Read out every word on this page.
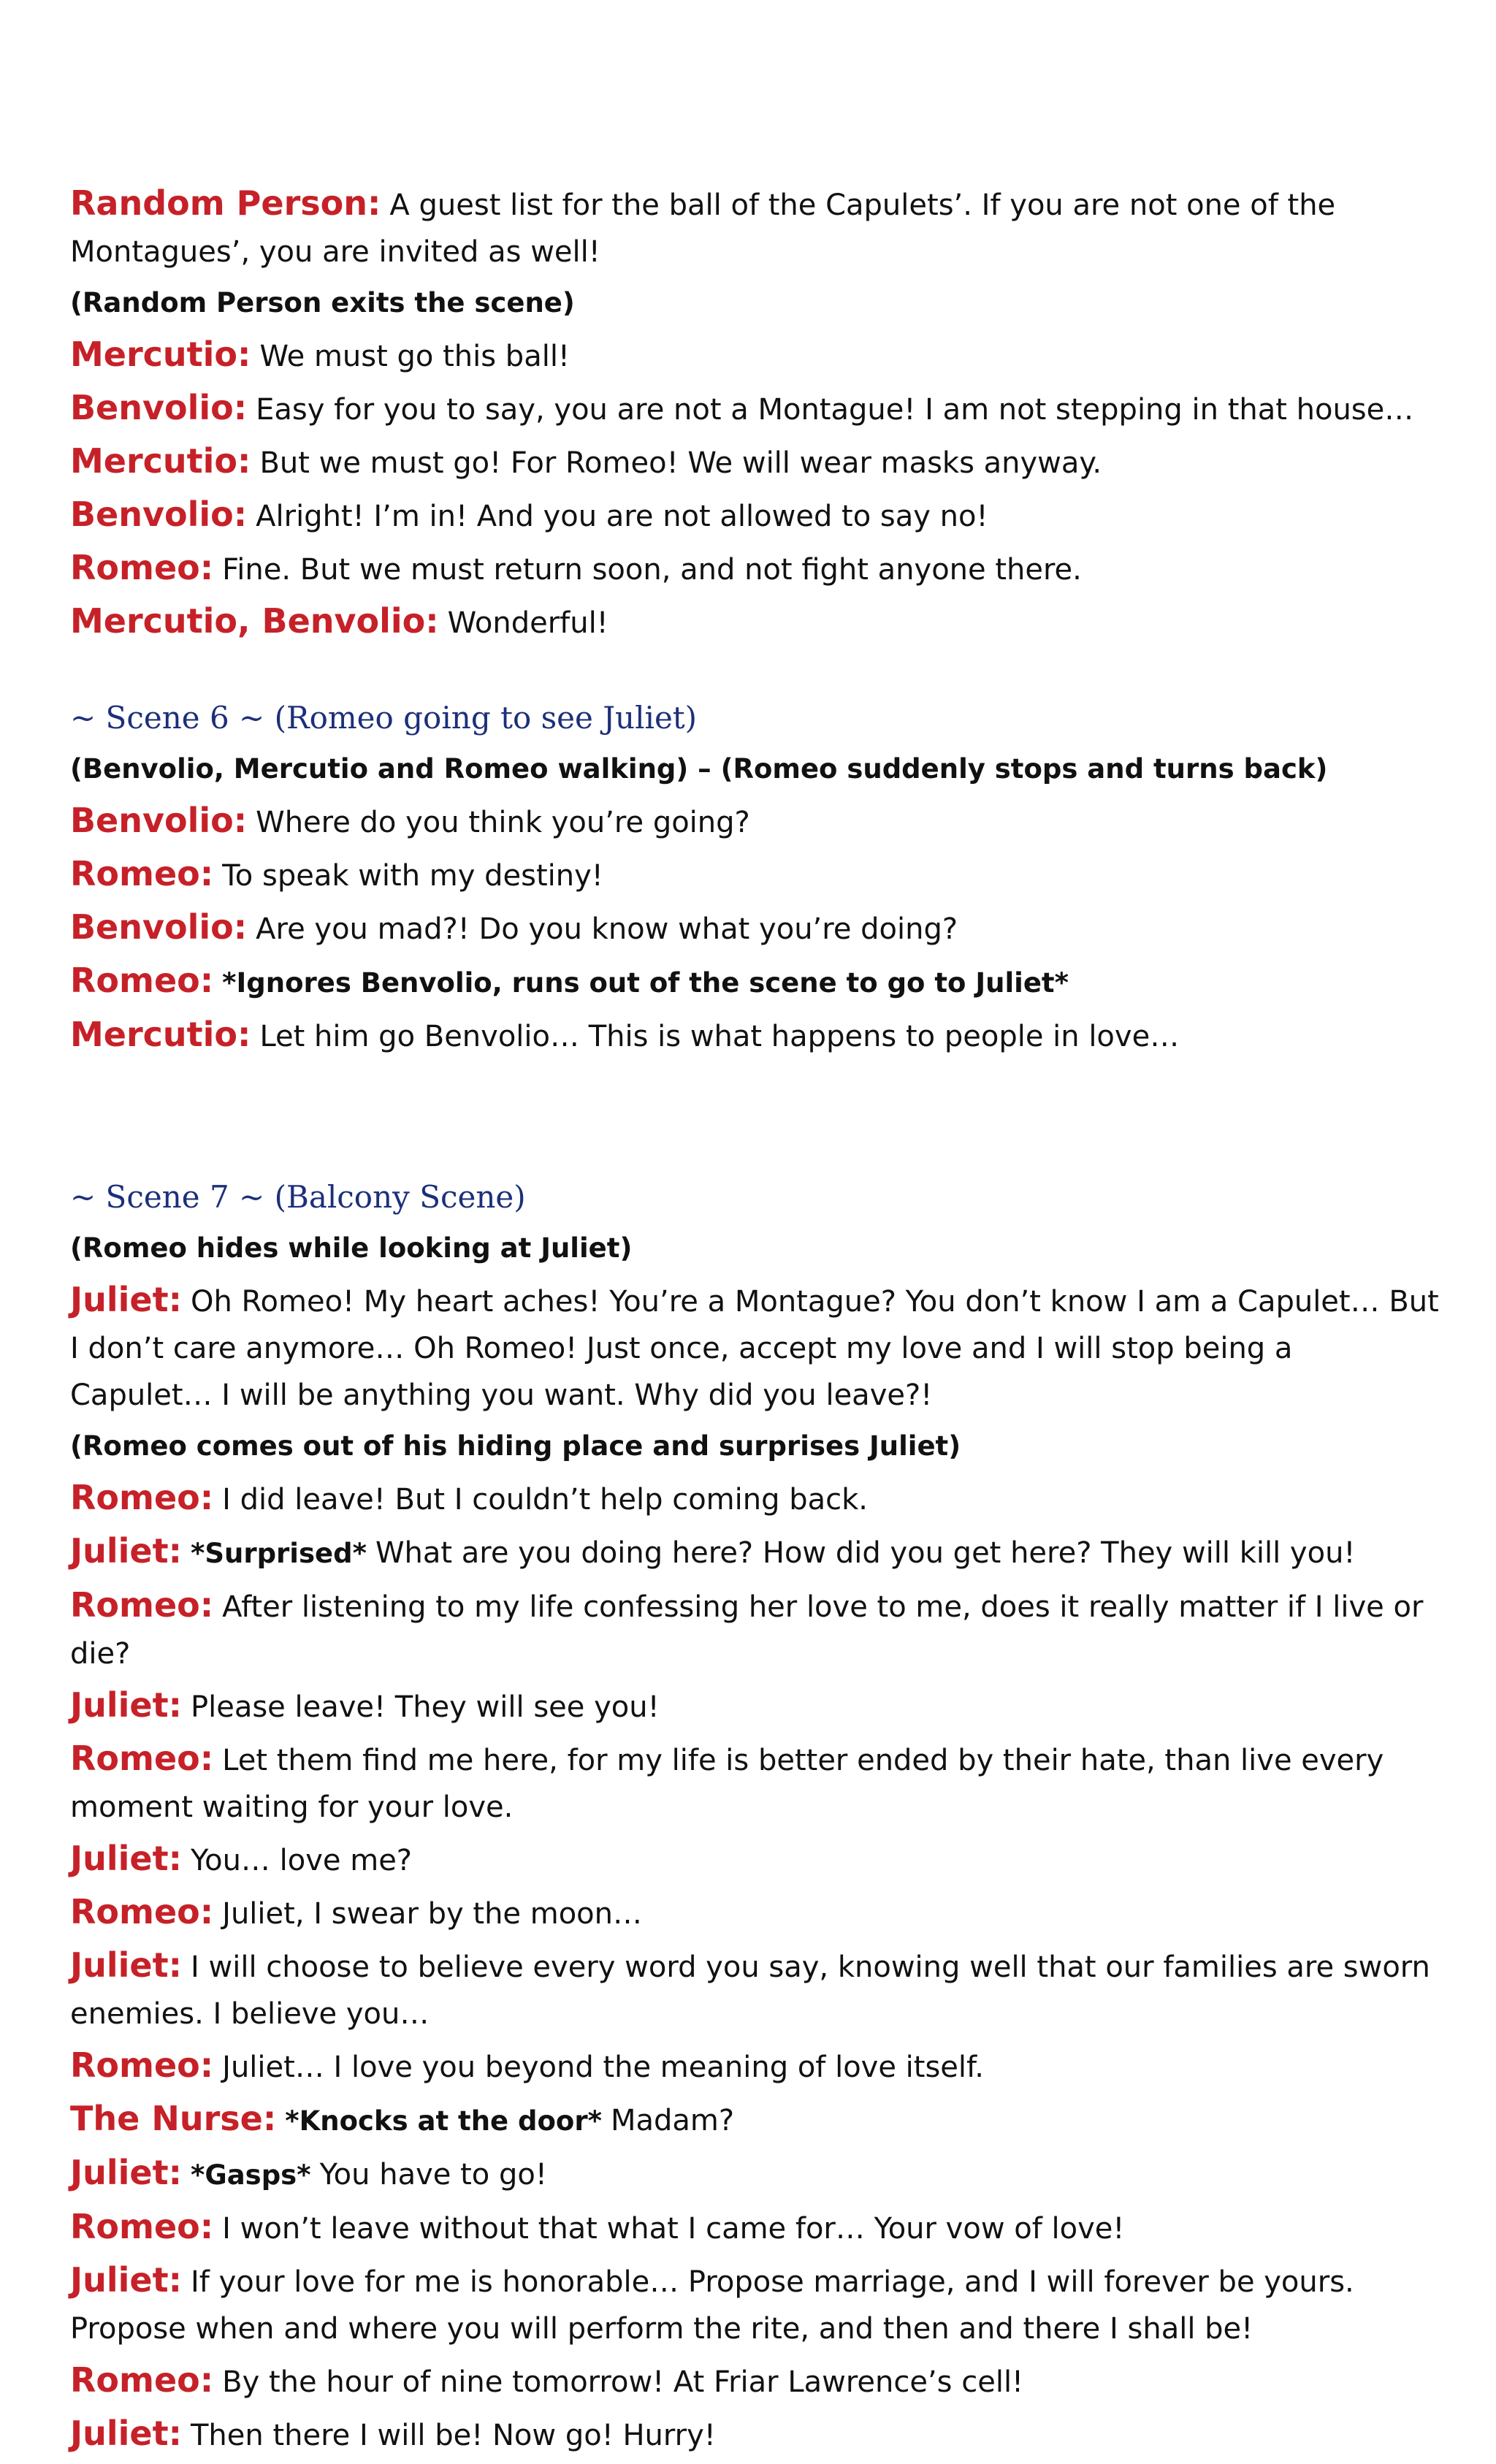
Random Person: A guest list for the ball of the Capulets’. If you are not one of the Montagues’, you are invited as well!
(Random Person exits the scene)
Mercutio: We must go this ball!
Benvolio: Easy for you to say, you are not a Montague! I am not stepping in that house…
Mercutio: But we must go! For Romeo! We will wear masks anyway.
Benvolio: Alright! I’m in! And you are not allowed to say no!
Romeo: Fine. But we must return soon, and not fight anyone there.
Mercutio, Benvolio: Wonderful!
~ Scene 6 ~ (Romeo going to see Juliet)
(Benvolio, Mercutio and Romeo walking) – (Romeo suddenly stops and turns back)
Benvolio: Where do you think you’re going?
Romeo: To speak with my destiny!
Benvolio: Are you mad?! Do you know what you’re doing?
Romeo: *Ignores Benvolio, runs out of the scene to go to Juliet*
Mercutio: Let him go Benvolio… This is what happens to people in love…
~ Scene 7 ~ (Balcony Scene)
(Romeo hides while looking at Juliet)
Juliet: Oh Romeo! My heart aches! You’re a Montague? You don’t know I am a Capulet… But I don’t care anymore… Oh Romeo! Just once, accept my love and I will stop being a Capulet… I will be anything you want. Why did you leave?!
(Romeo comes out of his hiding place and surprises Juliet)
Romeo: I did leave! But I couldn’t help coming back.
Juliet: *Surprised* What are you doing here? How did you get here? They will kill you!
Romeo: After listening to my life confessing her love to me, does it really matter if I live or die?
Juliet: Please leave! They will see you!
Romeo: Let them find me here, for my life is better ended by their hate, than live every moment waiting for your love.
Juliet: You… love me?
Romeo: Juliet, I swear by the moon…
Juliet: I will choose to believe every word you say, knowing well that our families are sworn enemies. I believe you…
Romeo: Juliet… I love you beyond the meaning of love itself.
The Nurse: *Knocks at the door* Madam?
Juliet: *Gasps* You have to go!
Romeo: I won’t leave without that what I came for… Your vow of love!
Juliet: If your love for me is honorable… Propose marriage, and I will forever be yours. Propose when and where you will perform the rite, and then and there I shall be!
Romeo: By the hour of nine tomorrow! At Friar Lawrence’s cell!
Juliet: Then there I will be! Now go! Hurry!
